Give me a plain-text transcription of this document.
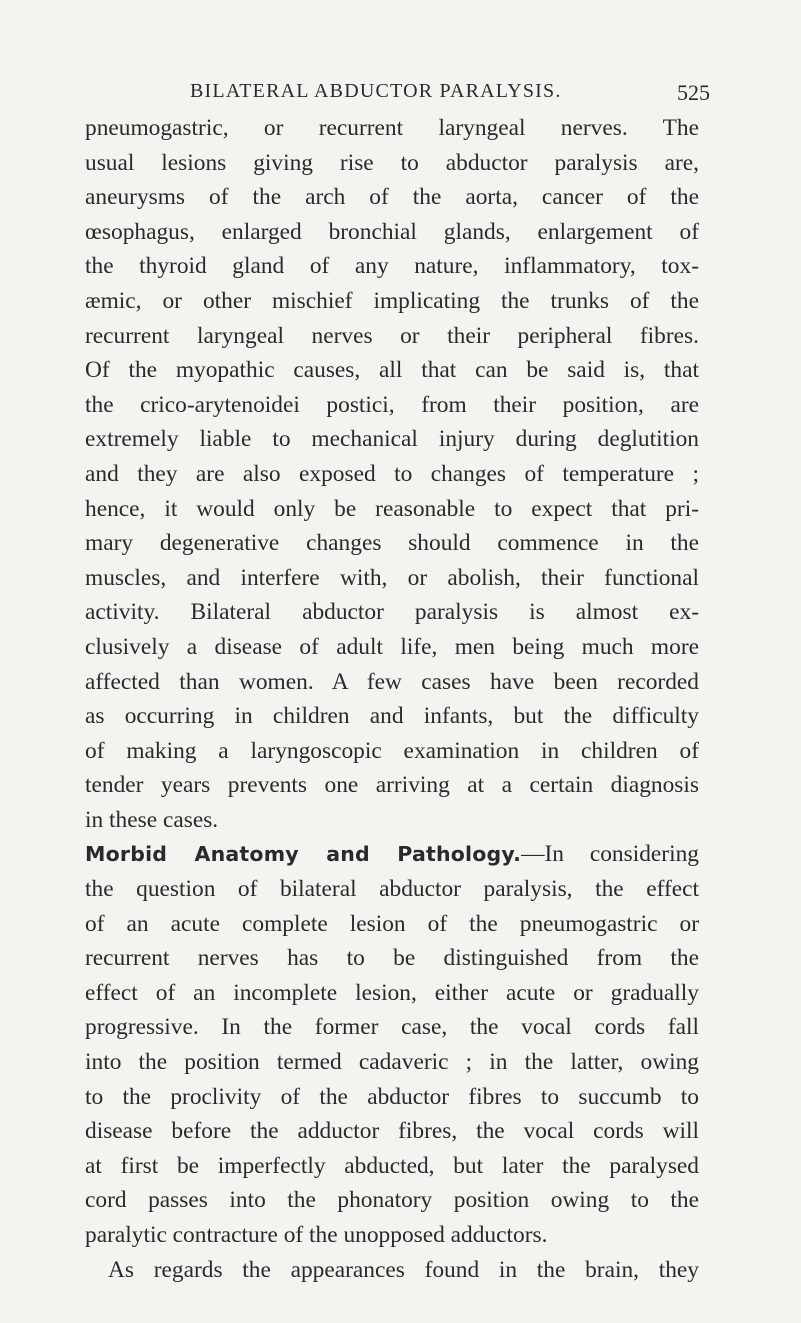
BILATERAL ABDUCTOR PARALYSIS.	525
pneumogastric, or recurrent laryngeal nerves. The
usual lesions giving rise to abductor paralysis are,
aneurysms of the arch of the aorta, cancer of the
œsophagus, enlarged bronchial glands, enlargement of
the thyroid gland of any nature, inflammatory, tox-
æmic, or other mischief implicating the trunks of the
recurrent laryngeal nerves or their peripheral fibres.
Of the myopathic causes, all that can be said is, that
the crico-arytenoidei postici, from their position, are
extremely liable to mechanical injury during deglutition
and they are also exposed to changes of temperature ;
hence, it would only be reasonable to expect that pri-
mary degenerative changes should commence in the
muscles, and interfere with, or abolish, their functional
activity. Bilateral abductor paralysis is almost ex-
clusively a disease of adult life, men being much more
affected than women. A few cases have been recorded
as occurring in children and infants, but the difficulty
of making a laryngoscopic examination in children of
tender years prevents one arriving at a certain diagnosis
in these cases.
Morbid Anatomy and Pathology.—In considering
the question of bilateral abductor paralysis, the effect
of an acute complete lesion of the pneumogastric or
recurrent nerves has to be distinguished from the
effect of an incomplete lesion, either acute or gradually
progressive. In the former case, the vocal cords fall
into the position termed cadaveric ; in the latter, owing
to the proclivity of the abductor fibres to succumb to
disease before the adductor fibres, the vocal cords will
at first be imperfectly abducted, but later the paralysed
cord passes into the phonatory position owing to the
paralytic contracture of the unopposed adductors.
As regards the appearances found in the brain, they
